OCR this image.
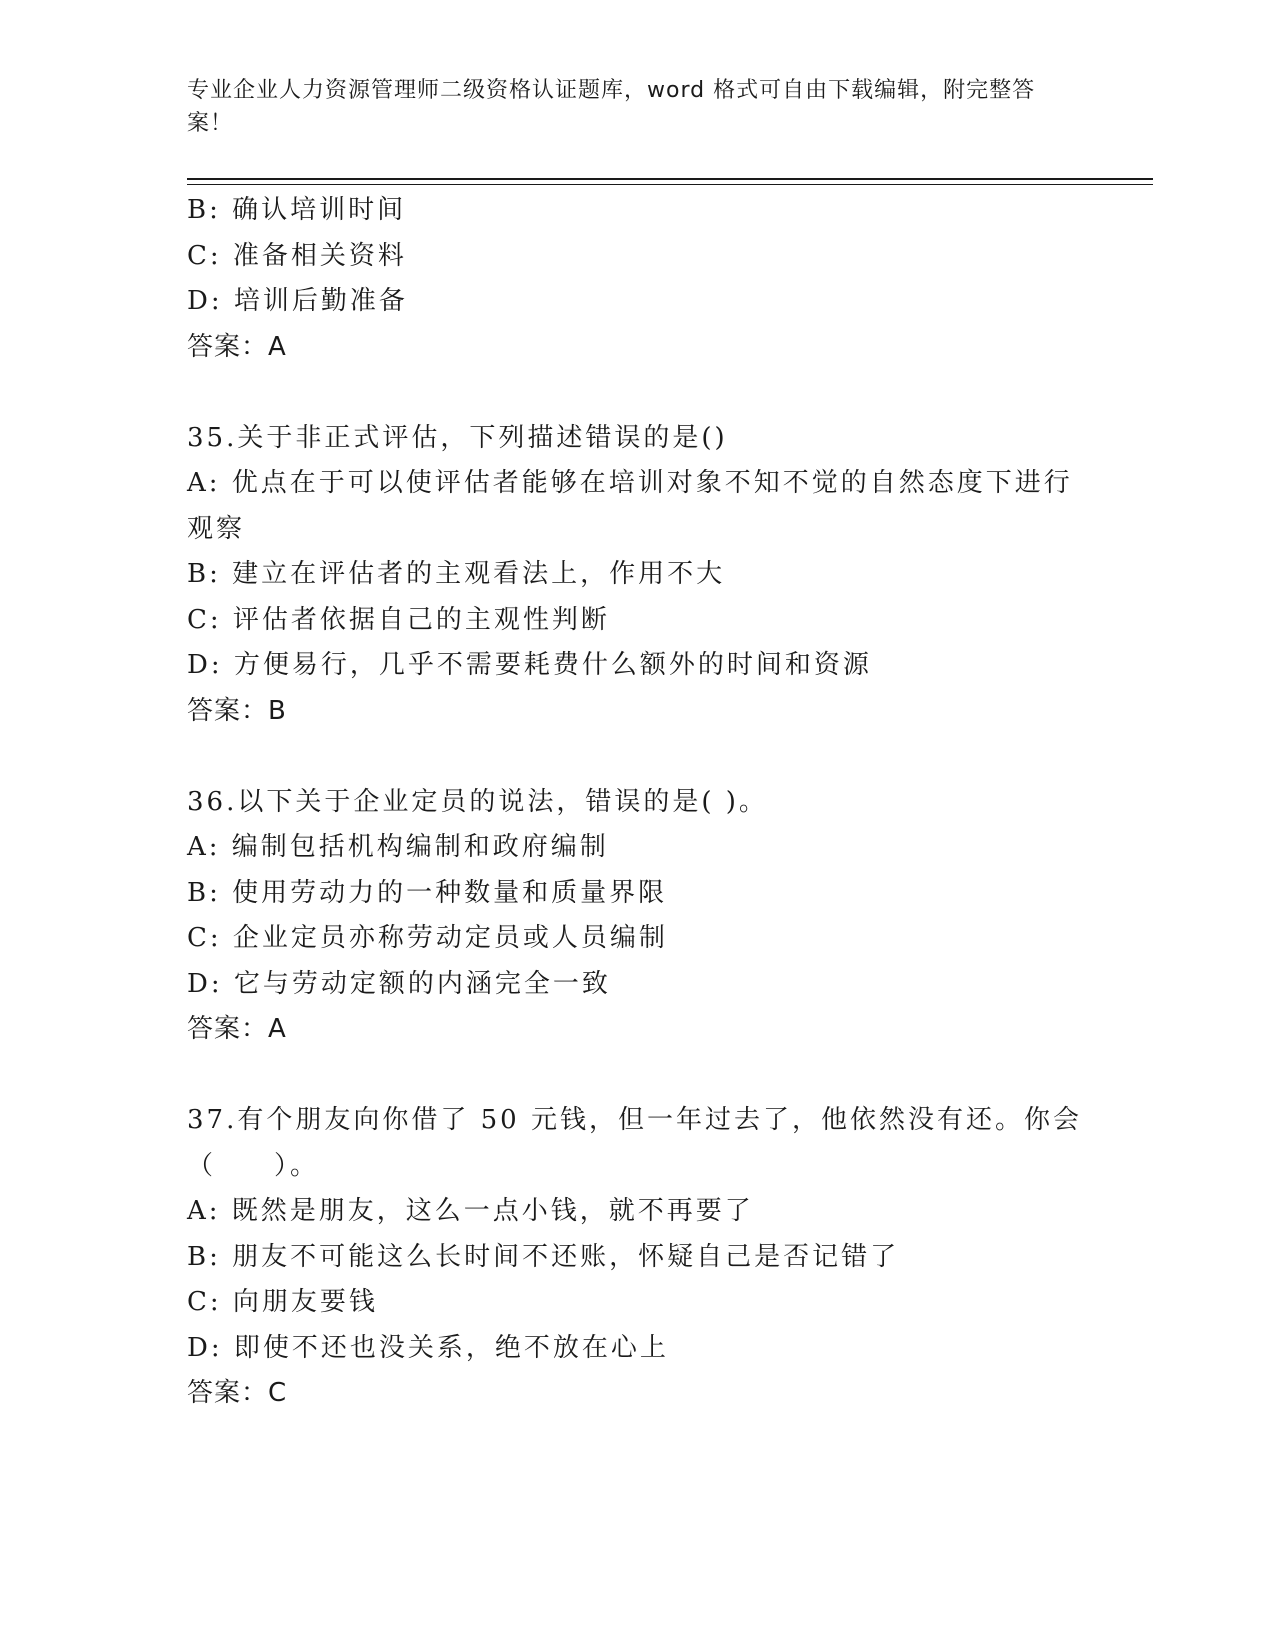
专业企业人力资源管理师二级资格认证题库，word 格式可自由下载编辑，附完整答案！
B: 确认培训时间
C: 准备相关资料
D: 培训后勤准备
答案：A
35.关于非正式评估，下列描述错误的是()
A: 优点在于可以使评估者能够在培训对象不知不觉的自然态度下进行观察
B: 建立在评估者的主观看法上，作用不大
C: 评估者依据自己的主观性判断
D: 方便易行，几乎不需要耗费什么额外的时间和资源
答案：B
36.以下关于企业定员的说法，错误的是( )。
A: 编制包括机构编制和政府编制
B: 使用劳动力的一种数量和质量界限
C: 企业定员亦称劳动定员或人员编制
D: 它与劳动定额的内涵完全一致
答案：A
37.有个朋友向你借了 50 元钱，但一年过去了，他依然没有还。你会（　　）。
A: 既然是朋友，这么一点小钱，就不再要了
B: 朋友不可能这么长时间不还账，怀疑自己是否记错了
C: 向朋友要钱
D: 即使不还也没关系，绝不放在心上
答案：C
